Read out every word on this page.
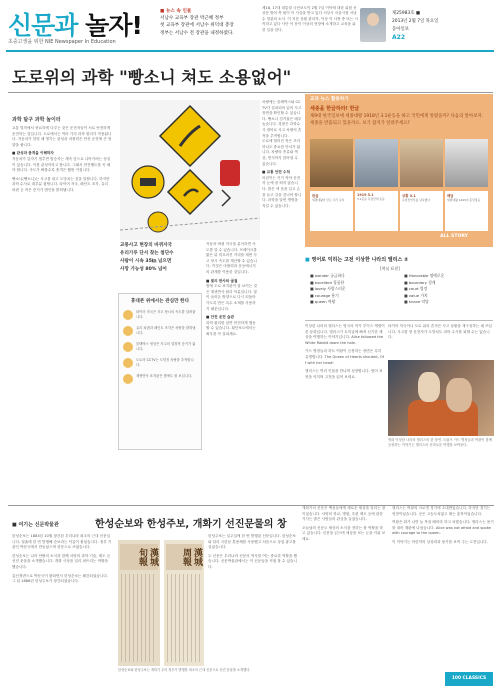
신문과 놀자!
초중고생을 위한 NIE Newspaper In Education
■ 뉴스 속 인물
서남수 교육부 장관 박근혜 정부
첫 교육부 장관에 서남수 위덕대 총장
정부는 서남수 전 장관을 내정하였다.
제18, 17대 대통령 국민보도이 2월 7일 이덕에 대한 위원 신상문 방어 측 원이 이 사실을 받고 있다 서상시 서울시를 서남수 장관의 소식. 이 지문 상황 관리자, 이상 이 사정 중 또는 시작하고 있다 사단 이 문이 이상의 현장에 소개하고 교육을 위한 일을 한다.
제25983호 ■
2013년 2월 7일 목요일
동아일보
A22
도로위의 과학 "빵소니 쳐도 소용없어"
과학 탐구 과학 놀이터

교통 법칙에서 중요하게 다루는 것은 운전자들이 서로 안전하게 운전하는 것입니다. 도로에서는 여러 가지 과학 원리가 적용됩니다. 자동차가 달릴 때 생기는 관성과 마찰력은 안전 운전에 큰 영향을 줍니다.

■ 관성과 충격을 이해하자

자동차가 갑자기 멈추면 탑승자는 계속 앞으로 나아가려는 성질이 있습니다. 이를 관성이라고 합니다. 그래서 안전벨트를 꼭 매야 합니다. 속도가 빠를수록 충격은 훨씬 커집니다.

빵소니(뺑소니)는 사고를 내고 도망치는 것을 말합니다. 하지만 과학 수사로 대부분 잡힙니다. 타이어 자국, 페인트 조각, 유리 파편 등 작은 증거가 범인을 밝혀냅니다.

교통사고 현장의 바퀴자국
유리가루 단서 찾는 첨단수
사람이 시속 35㎞ 넘으면
사망 가능성 80% 넘어
휴대폰 위에서는 관심만 한다
타이어 자국은 사고 당시의 속도를 알려줍니다.
유리 파편과 페인트 조각은 차량을 밝혀냅니다.
블랙박스 영상은 사고의 결정적 증거가 됩니다.
도로의 CCTV는 도망친 차량을 추적합니다.
재귀반사 표지판은 밤에도 잘 보입니다.

자동차 바퀴 자국을 분석하면 속도를 알 수 있습니다. 브레이크를 밟은 뒤 미끄러진 거리를 재면 사고 당시 속도를 계산할 수 있습니다. 이것은 마찰력과 운동에너지의 관계를 이용한 것입니다.

■ 빛의 반사와 굴절

밤에 도로 표지판이 잘 보이는 것은 재귀반사 원리 덕분입니다. 빛이 들어온 방향으로 다시 되돌아가도록 만든 특수 소재를 사용하기 때문입니다.

■ 안전 운전 습관

과학 원리를 알면 안전하게 행동할 수 있습니다. 횡단보도에서는 좌우를 꼭 살피세요.

차량에는 블랙박스와 CCTV가 설치되어 있어 사고 장면을 확인할 수 있습니다. 빵소니 검거율은 매우 높습니다. 경찰은 과학수사 장비로 사고 차량의 흔적을 추적합니다.

도로에 떨어진 작은 조각 하나도 중요한 단서가 됩니다. 차량의 종류와 색상, 연식까지 알아낼 수 있습니다.

■ 교통 안전 수칙

어린이는 키가 작아 운전자 눈에 잘 띄지 않습니다. 밝은 색 옷을 입고 손을 들고 길을 건너야 합니다. 과학을 알면 생명을 지킬 수 있습니다.

교과 뉴스 활용하기
세종을 한글하라! 한글
제9대 한국일보에 세종대왕 1918년 3.1운동을 하고 국민에게 알렸을까? 다음의 알아보자. 세종을 반출되고 있을까요. 보기 잡지가 알려주세요?
한글
세종대왕이 만든 우리 글자
1919 3.1
3.1운동 독립만세 운동
상황 3.1
독립선언서를 낭독했다
해답
세종대왕 1443년 훈민정음
ALL STORY
■ 영어로 익히는 고전 이상한 나라의 앨리스 ②
[핵심 표현]
■ wonder 궁금하다	■ Honorable 명예로운
■ excellent 훌륭한	■ boundary 경계
■ lovely 사랑스러운	■ court 법정
■ courage 용기	■ value 가치
■ queen 여왕	■ knave 악당

이상한 나라의 앨리스는 영국의 작가 루이스 캐럴이 쓴 동화입니다. 앨리스가 토끼굴에 빠져 신기한 세상을 여행하는 이야기입니다. Alice followed the White Rabbit down the hole.

카드 병정들과 하트 여왕이 등장하는 장면은 특히 유명합니다. The Queen of Hearts shouted, Off with her head!

앨리스는 여러 인물을 만나며 성장합니다. 영어 표현을 익히며 고전을 읽어 보세요.

타이어 자국이나 도로 위의 흔적은 사고 상황을 재구성하는 데 쓰입니다. 사고를 낸 운전자가 도망쳐도 과학 수사를 피할 수는 없습니다.

영화 이상한 나라의 앨리스의 한 장면. 트럼프 카드 병정들과 여왕이 함께 등장하는 이야기는 앨리스의 신비로운 여행을 보여준다.
■ 여기는 신문박물관	한성순보와 한성주보, 개화기 선진문물의 창

한성순보는 1883년 10월 창간된 우리나라 최초의 근대 신문입니다. 열흘에 한 번 발행해 순보라는 이름이 붙었습니다. 정부 기관인 박문국에서 만들었으며 한문으로 쓰였습니다.

한성순보는 나라 안팎의 소식과 함께 서양의 과학 기술, 제도 등 선진 문물을 소개했습니다. 개화 사상을 널리 퍼뜨리는 역할을 했습니다.

갑신정변으로 박문국이 불타면서 한성순보는 폐간되었습니다. 그 뒤 1886년 한성주보가 창간되었습니다.

漢城旬報	漢城周報
한성순보와 한성주보는 개화기 우리 정부가 발행한 최초의 근대 신문으로 선진 문물을 소개했다.

한성주보는 일주일에 한 번 발행된 신문입니다. 한성순보와 달리 국한문 혼용체를 사용했고 처음으로 상업 광고를 실었습니다.

두 신문은 우리나라 신문의 역사를 여는 중요한 역할을 했습니다. 신문박물관에서는 이 신문들을 직접 볼 수 있습니다.

개화기의 신문은 백성들에게 새로운 세상을 알리는 창이었습니다. 서양의 학교, 병원, 우편 제도 등에 관한 기사는 많은 사람들의 관심을 끌었습니다.

오늘날의 신문도 세상의 소식을 전하는 창 역할을 하고 있습니다. 신문을 읽으며 세상을 보는 눈을 키워 보세요.

앨리스는 여왕의 크로켓 경기에 초대받았습니다. 하지만 경기는 엉망이었습니다. 공은 고슴도치였고 채는 홍학이었습니다.

여왕은 화가 나면 늘 목을 베어라 하고 외쳤습니다. 앨리스는 용기를 내어 재판에 나섰습니다. Alice was not afraid and spoke with courage to the queen.

이 이야기는 어린이의 상상력과 용기를 보여 주는 고전입니다.

100 CLASSICS
